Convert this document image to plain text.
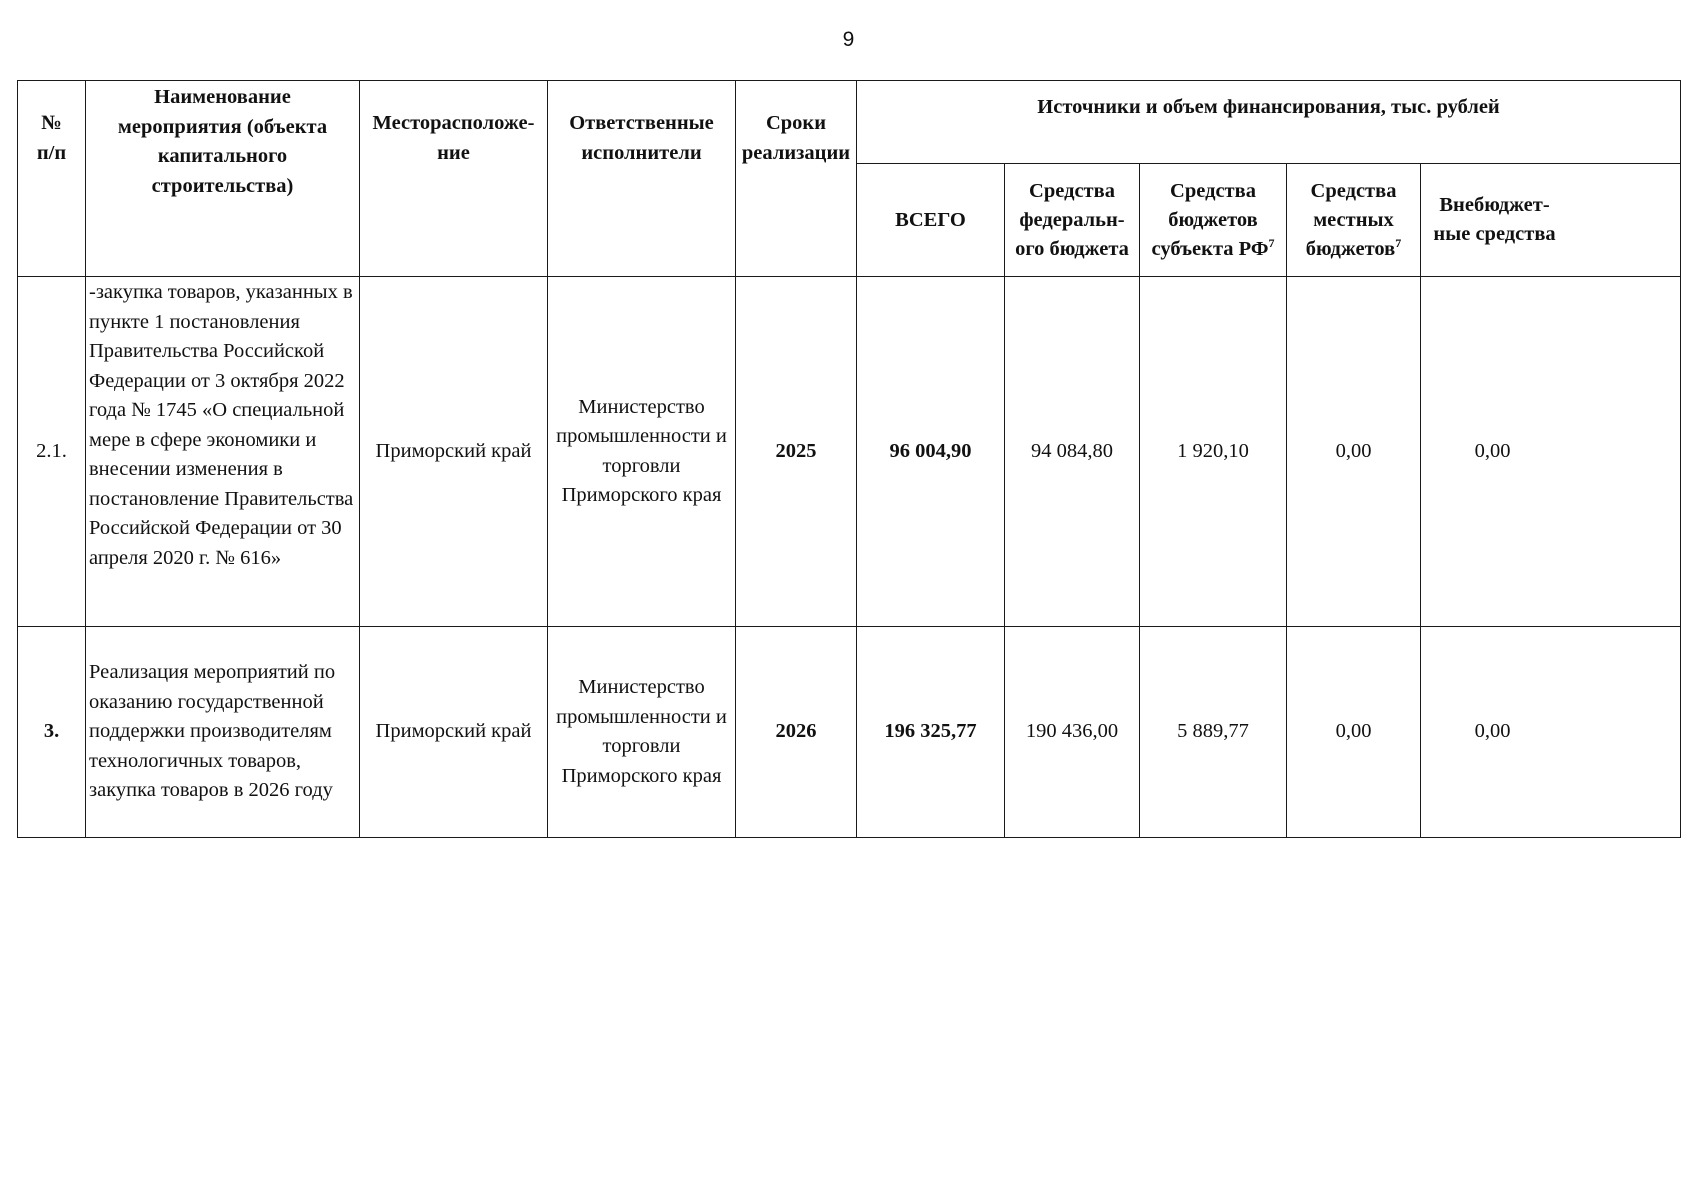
9
№
п/п	Наименование мероприятия (объекта капитального строительства)	Месторасположе-ние	Ответственные исполнители	Сроки реализации	Источники и объем финансирования, тыс. рублей				
					ВСЕГО	Средства федеральн-ого бюджета	Средства бюджетов субъекта $РФ^7$	Средства местных бюджетов$^7$	Внебюджет-ные средства
2.1.	-закупка товаров, указанных в пункте 1 постановления Правительства Российской Федерации от 3 октября 2022 года № 1745 «О специальной мере в сфере экономики и внесении изменения в постановление Правительства Российской Федерации от 30 апреля 2020 г. № 616»	Приморский край	Министерство промышленности и торговли Приморского края	2025	96 004,90	94 084,80	1 920,10	0,00	0,00
3.	Реализация мероприятий по оказанию государственной поддержки производителям технологичных товаров, закупка товаров в 2026 году	Приморский край	Министерство промышленности и торговли Приморского края	2026	196 325,77	190 436,00	5 889,77	0,00	0,00
